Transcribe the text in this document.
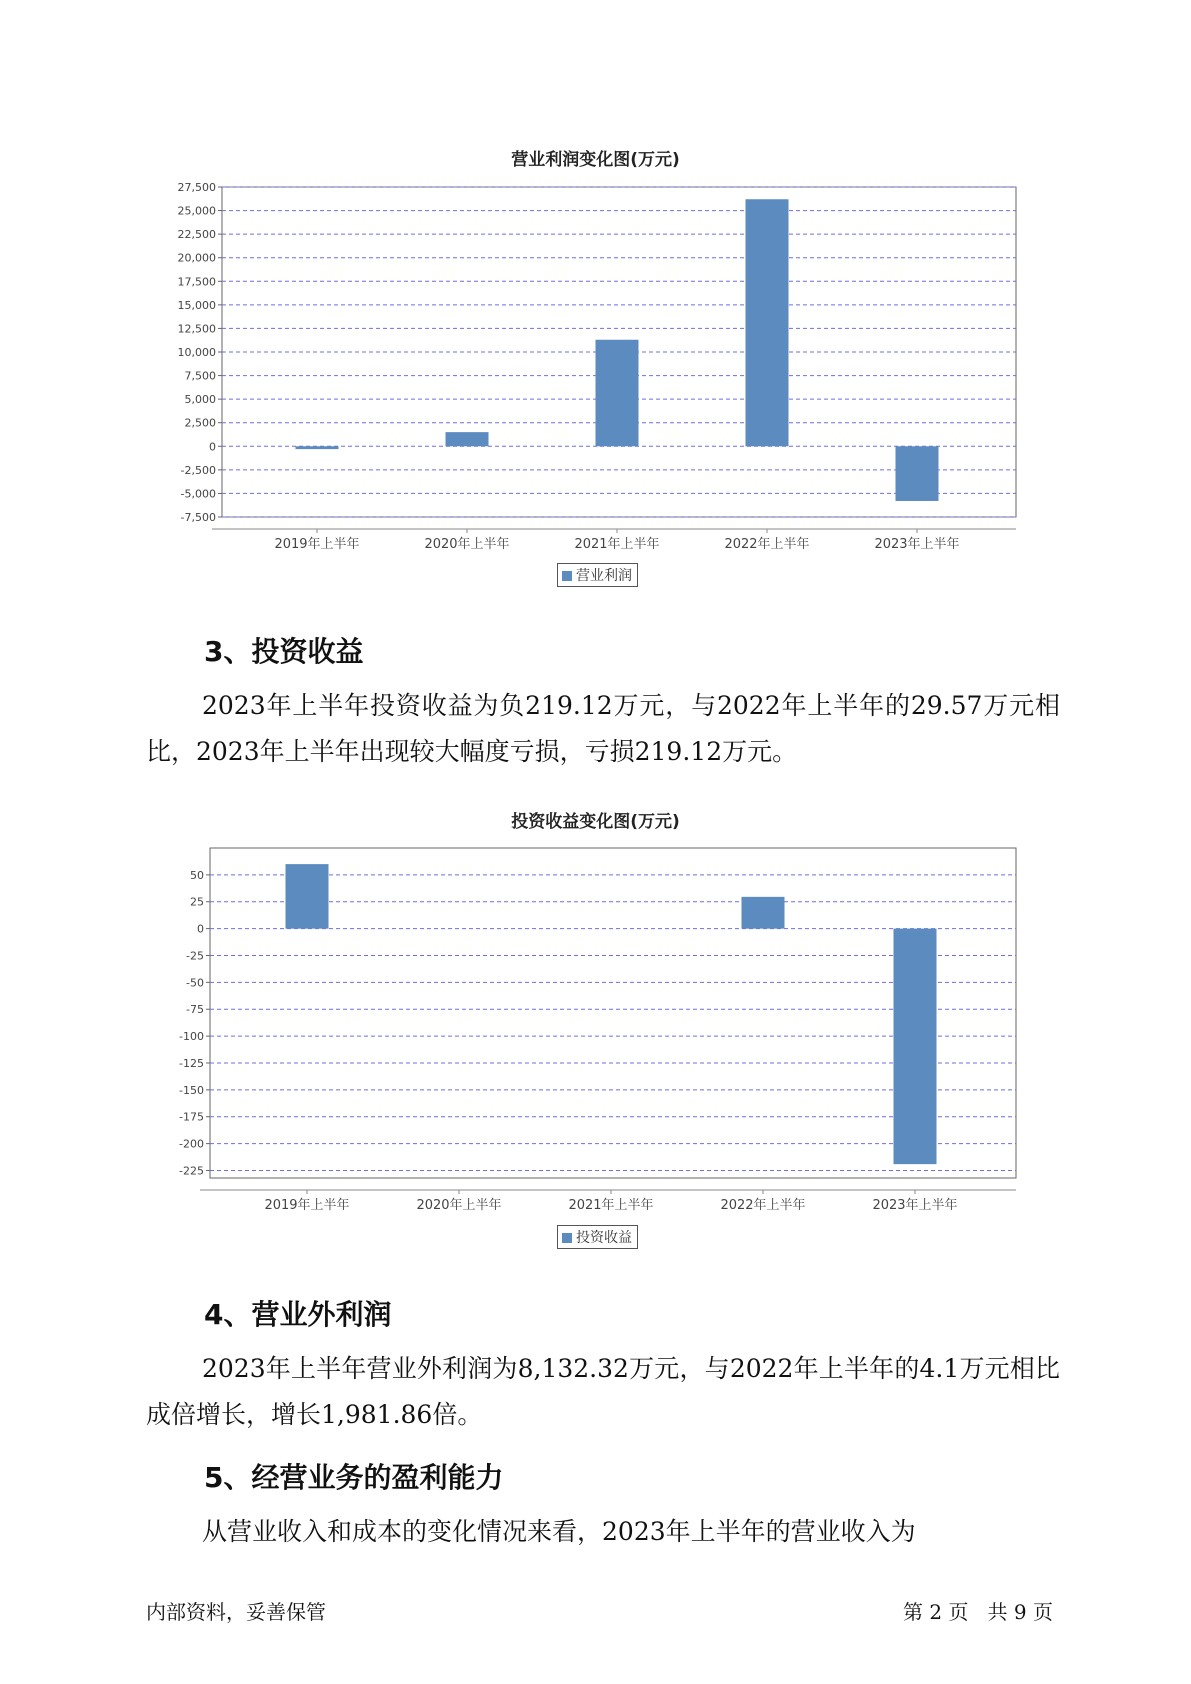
营业利润变化图(万元)
27,500
25,000
22,500
20,000
17,500
15,000
12,500
10,000
7,500
5,000
2,500
0
-2,500
-5,000
-7,500
2019年上半年	2020年上半年	2021年上半年	2022年上半年	2023年上半年
营业利润
3、投资收益
2023年上半年投资收益为负219.12万元，与2022年上半年的29.57万元相比，2023年上半年出现较大幅度亏损，亏损219.12万元。
投资收益变化图(万元)
50
25
0
-25
-50
-75
-100
-125
-150
-175
-200
-225
2019年上半年	2020年上半年	2021年上半年	2022年上半年	2023年上半年
投资收益
4、营业外利润
2023年上半年营业外利润为8,132.32万元，与2022年上半年的4.1万元相比成倍增长，增长1,981.86倍。
5、经营业务的盈利能力
从营业收入和成本的变化情况来看，2023年上半年的营业收入为
内部资料，妥善保管	第 2 页   共 9 页
